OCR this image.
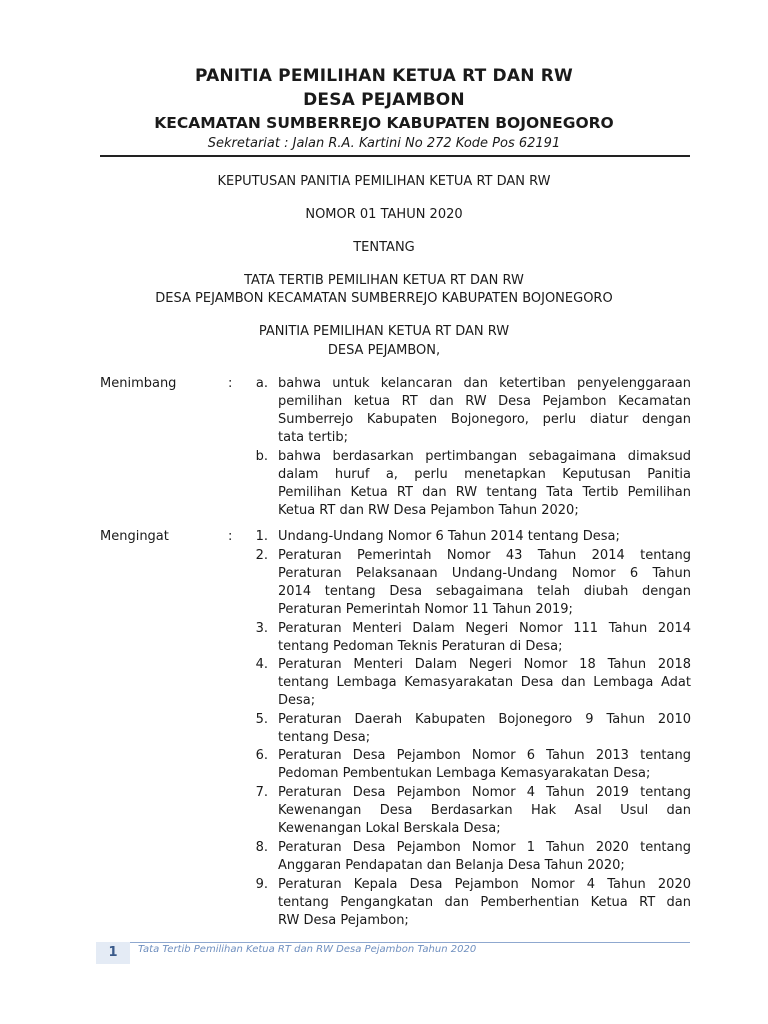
PANITIA PEMILIHAN KETUA RT DAN RW
DESA PEJAMBON
KECAMATAN SUMBERREJO KABUPATEN BOJONEGORO
Sekretariat : Jalan R.A. Kartini No 272 Kode Pos 62191
KEPUTUSAN PANITIA PEMILIHAN KETUA RT DAN RW
NOMOR 01 TAHUN 2020
TENTANG
TATA TERTIB PEMILIHAN KETUA RT DAN RW
DESA PEJAMBON KECAMATAN SUMBERREJO KABUPATEN BOJONEGORO
PANITIA PEMILIHAN KETUA RT DAN RW
DESA PEJAMBON,
Menimbang	:	a. bahwa untuk kelancaran dan ketertiban penyelenggaraan
pemilihan ketua RT dan RW Desa Pejambon Kecamatan
Sumberrejo Kabupaten Bojonegoro, perlu diatur dengan
tata tertib;
b. bahwa berdasarkan pertimbangan sebagaimana dimaksud
dalam huruf a, perlu menetapkan Keputusan Panitia
Pemilihan Ketua RT dan RW tentang Tata Tertib Pemilihan
Ketua RT dan RW Desa Pejambon Tahun 2020;
Mengingat	:	1. Undang-Undang Nomor 6 Tahun 2014 tentang Desa;
2. Peraturan Pemerintah Nomor 43 Tahun 2014 tentang
Peraturan Pelaksanaan Undang-Undang Nomor 6 Tahun
2014 tentang Desa sebagaimana telah diubah dengan
Peraturan Pemerintah Nomor 11 Tahun 2019;
3. Peraturan Menteri Dalam Negeri Nomor 111 Tahun 2014
tentang Pedoman Teknis Peraturan di Desa;
4. Peraturan Menteri Dalam Negeri Nomor 18 Tahun 2018
tentang Lembaga Kemasyarakatan Desa dan Lembaga Adat
Desa;
5. Peraturan Daerah Kabupaten Bojonegoro 9 Tahun 2010
tentang Desa;
6. Peraturan Desa Pejambon Nomor 6 Tahun 2013 tentang
Pedoman Pembentukan Lembaga Kemasyarakatan Desa;
7. Peraturan Desa Pejambon Nomor 4 Tahun 2019 tentang
Kewenangan Desa Berdasarkan Hak Asal Usul dan
Kewenangan Lokal Berskala Desa;
8. Peraturan Desa Pejambon Nomor 1 Tahun 2020 tentang
Anggaran Pendapatan dan Belanja Desa Tahun 2020;
9. Peraturan Kepala Desa Pejambon Nomor 4 Tahun 2020
tentang Pengangkatan dan Pemberhentian Ketua RT dan
RW Desa Pejambon;
1	Tata Tertib Pemilihan Ketua RT dan RW Desa Pejambon Tahun 2020
